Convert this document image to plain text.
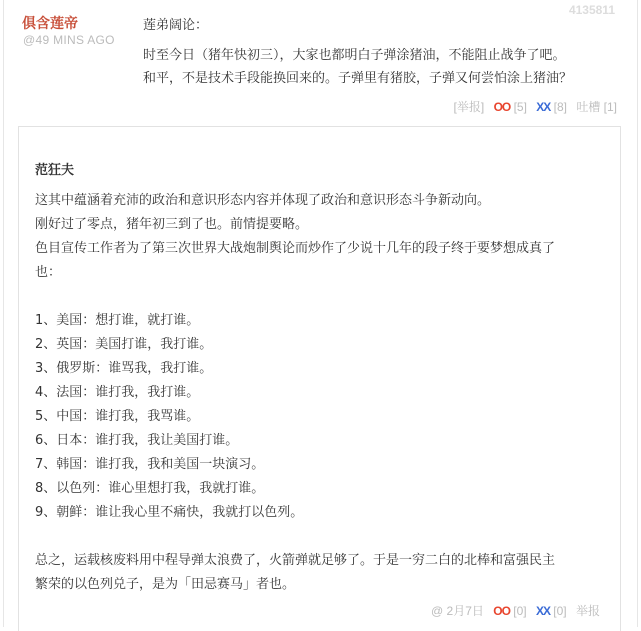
4135811
俱含莲帝
@49 MINS AGO
莲弟阔论：
时至今日（猪年快初三），大家也都明白子弹涂猪油，不能阻止战争了吧。
和平，不是技术手段能换回来的。子弹里有猪胶，子弹又何尝怕涂上猪油？
[举报] OO [5] XX [8] 吐槽 [1]
范狂夫
这其中蕴涵着充沛的政治和意识形态内容并体现了政治和意识形态斗争新动向。
刚好过了零点，猪年初三到了也。前情提要略。
色目宣传工作者为了第三次世界大战炮制舆论而炒作了少说十几年的段子终于要梦想成真了
也：
1、美国：想打谁，就打谁。
2、英国：美国打谁，我打谁。
3、俄罗斯：谁骂我，我打谁。
4、法国：谁打我，我打谁。
5、中国：谁打我，我骂谁。
6、日本：谁打我，我让美国打谁。
7、韩国：谁打我，我和美国一块演习。
8、以色列：谁心里想打我，我就打谁。
9、朝鲜：谁让我心里不痛快，我就打以色列。
总之，运载核废料用中程导弹太浪费了，火箭弹就足够了。于是一穷二白的北棒和富强民主
繁荣的以色列兑子，是为「田忌赛马」者也。
@ 2月7日 OO [0] XX [0] 举报
